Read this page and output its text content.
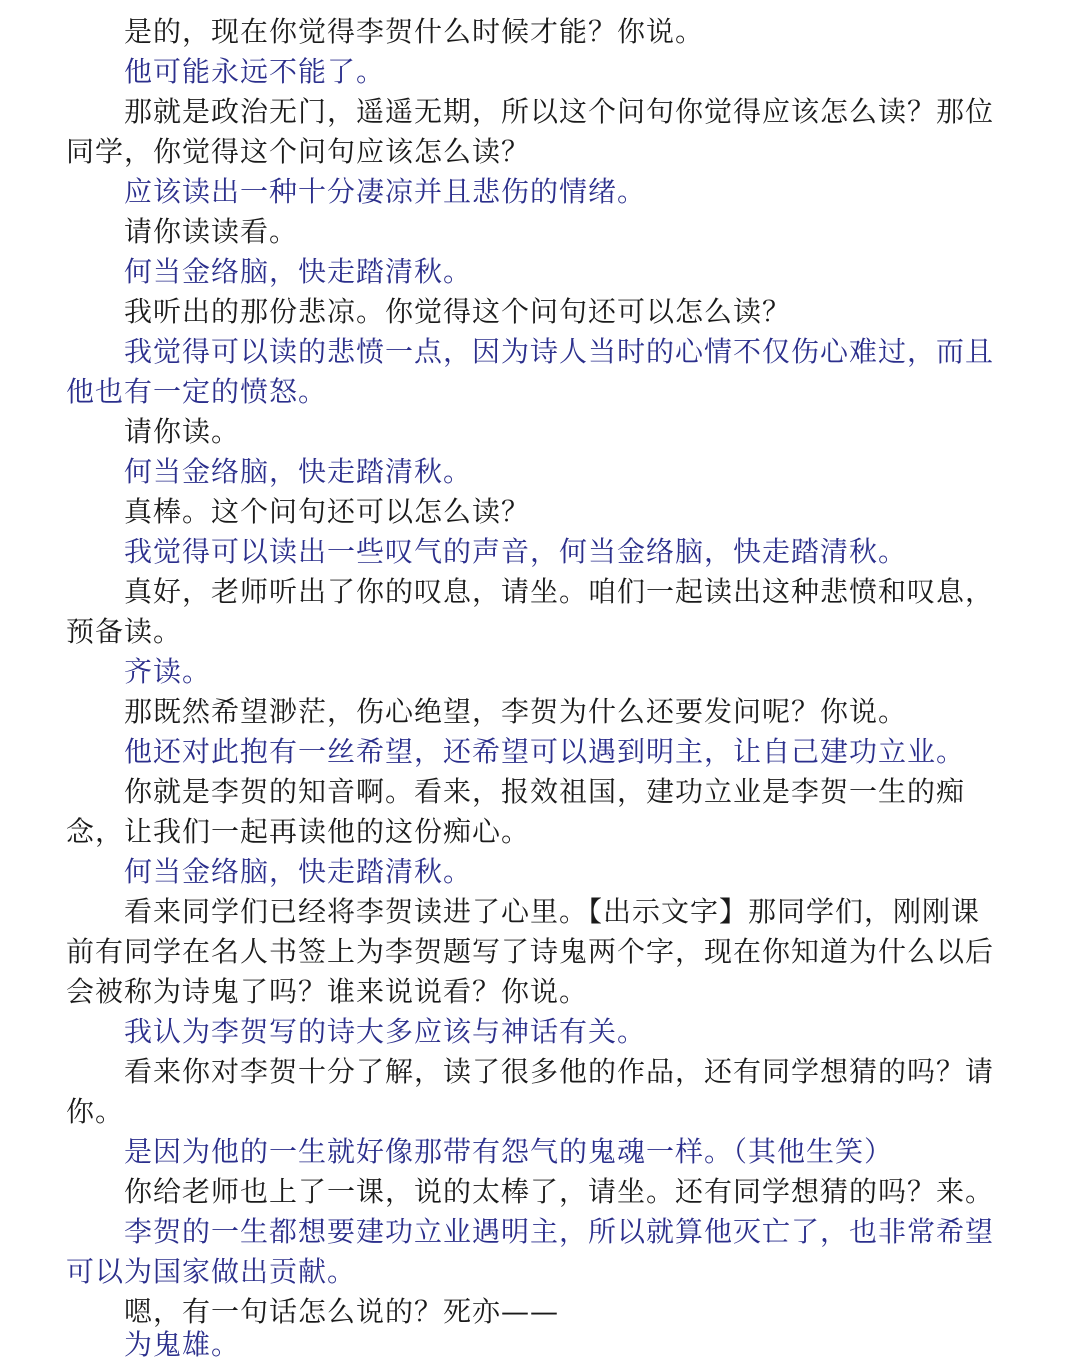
是的，现在你觉得李贺什么时候才能？你说。

他可能永远不能了。

那就是政治无门，遥遥无期，所以这个问句你觉得应该怎么读？那位同学，你觉得这个问句应该怎么读？

应该读出一种十分凄凉并且悲伤的情绪。

请你读读看。

何当金络脑，快走踏清秋。

我听出的那份悲凉。你觉得这个问句还可以怎么读？

我觉得可以读的悲愤一点，因为诗人当时的心情不仅伤心难过，而且他也有一定的愤怒。

请你读。

何当金络脑，快走踏清秋。

真棒。这个问句还可以怎么读？

我觉得可以读出一些叹气的声音，何当金络脑，快走踏清秋。

真好，老师听出了你的叹息，请坐。咱们一起读出这种悲愤和叹息，预备读。

齐读。

那既然希望渺茫，伤心绝望，李贺为什么还要发问呢？你说。

他还对此抱有一丝希望，还希望可以遇到明主，让自己建功立业。

你就是李贺的知音啊。看来，报效祖国，建功立业是李贺一生的痴念，让我们一起再读他的这份痴心。

何当金络脑，快走踏清秋。

看来同学们已经将李贺读进了心里。【出示文字】那同学们，刚刚课前有同学在名人书签上为李贺题写了诗鬼两个字，现在你知道为什么以后会被称为诗鬼了吗？谁来说说看？你说。

我认为李贺写的诗大多应该与神话有关。

看来你对李贺十分了解，读了很多他的作品，还有同学想猜的吗？请你。

是因为他的一生就好像那带有怨气的鬼魂一样。（其他生笑）

你给老师也上了一课，说的太棒了，请坐。还有同学想猜的吗？来。

李贺的一生都想要建功立业遇明主，所以就算他灭亡了，也非常希望可以为国家做出贡献。

嗯，有一句话怎么说的？死亦——

为鬼雄。
